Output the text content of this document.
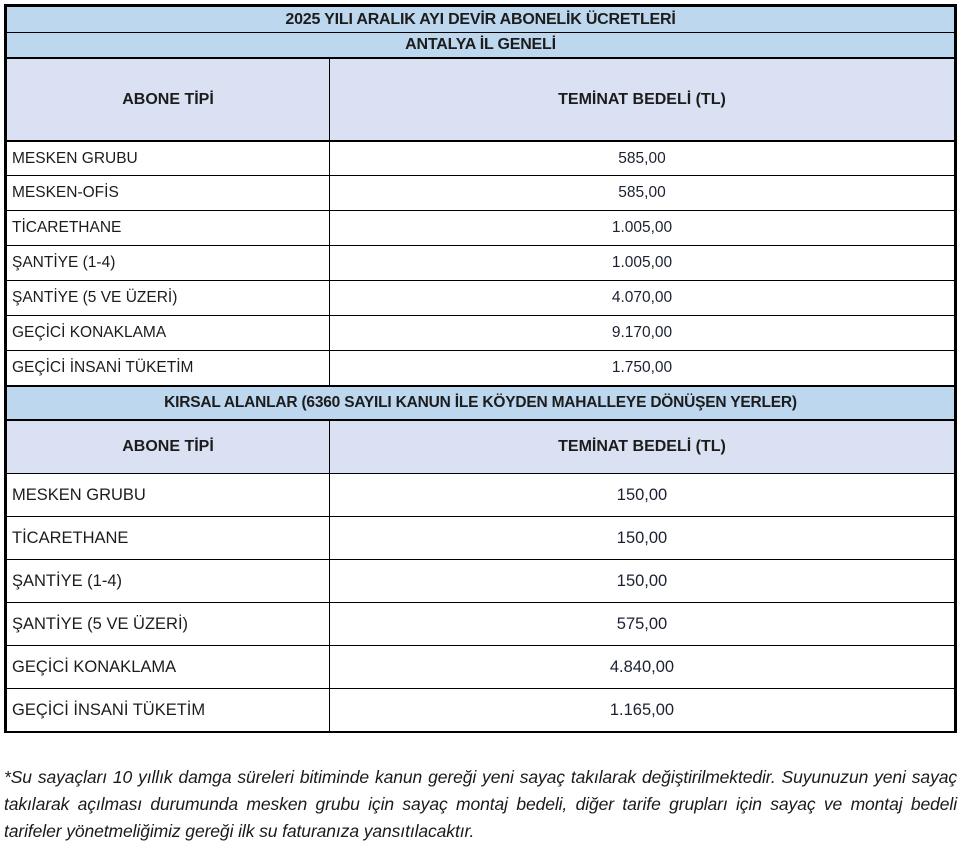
2025 YILI ARALIK AYI DEVİR ABONELİK ÜCRETLERİ
ANTALYA İL GENELİ
ABONE TİPİ	TEMİNAT BEDELİ (TL)
MESKEN GRUBU	585,00
MESKEN-OFİS	585,00
TİCARETHANE	1.005,00
ŞANTİYE (1-4)	1.005,00
ŞANTİYE (5 VE ÜZERİ)	4.070,00
GEÇİCİ KONAKLAMA	9.170,00
GEÇİCİ İNSANİ TÜKETİM	1.750,00
KIRSAL ALANLAR (6360 SAYILI KANUN İLE KÖYDEN MAHALLEYE DÖNÜŞEN YERLER)
ABONE TİPİ	TEMİNAT BEDELİ (TL)
MESKEN GRUBU	150,00
TİCARETHANE	150,00
ŞANTİYE (1-4)	150,00
ŞANTİYE (5 VE ÜZERİ)	575,00
GEÇİCİ KONAKLAMA	4.840,00
GEÇİCİ İNSANİ TÜKETİM	1.165,00
*Su sayaçları 10 yıllık damga süreleri bitiminde kanun gereği yeni sayaç takılarak değiştirilmektedir. Suyunuzun yeni sayaç takılarak açılması durumunda mesken grubu için sayaç montaj bedeli, diğer tarife grupları için sayaç ve montaj bedeli tarifeler yönetmeliğimiz gereği ilk su faturanıza yansıtılacaktır.
